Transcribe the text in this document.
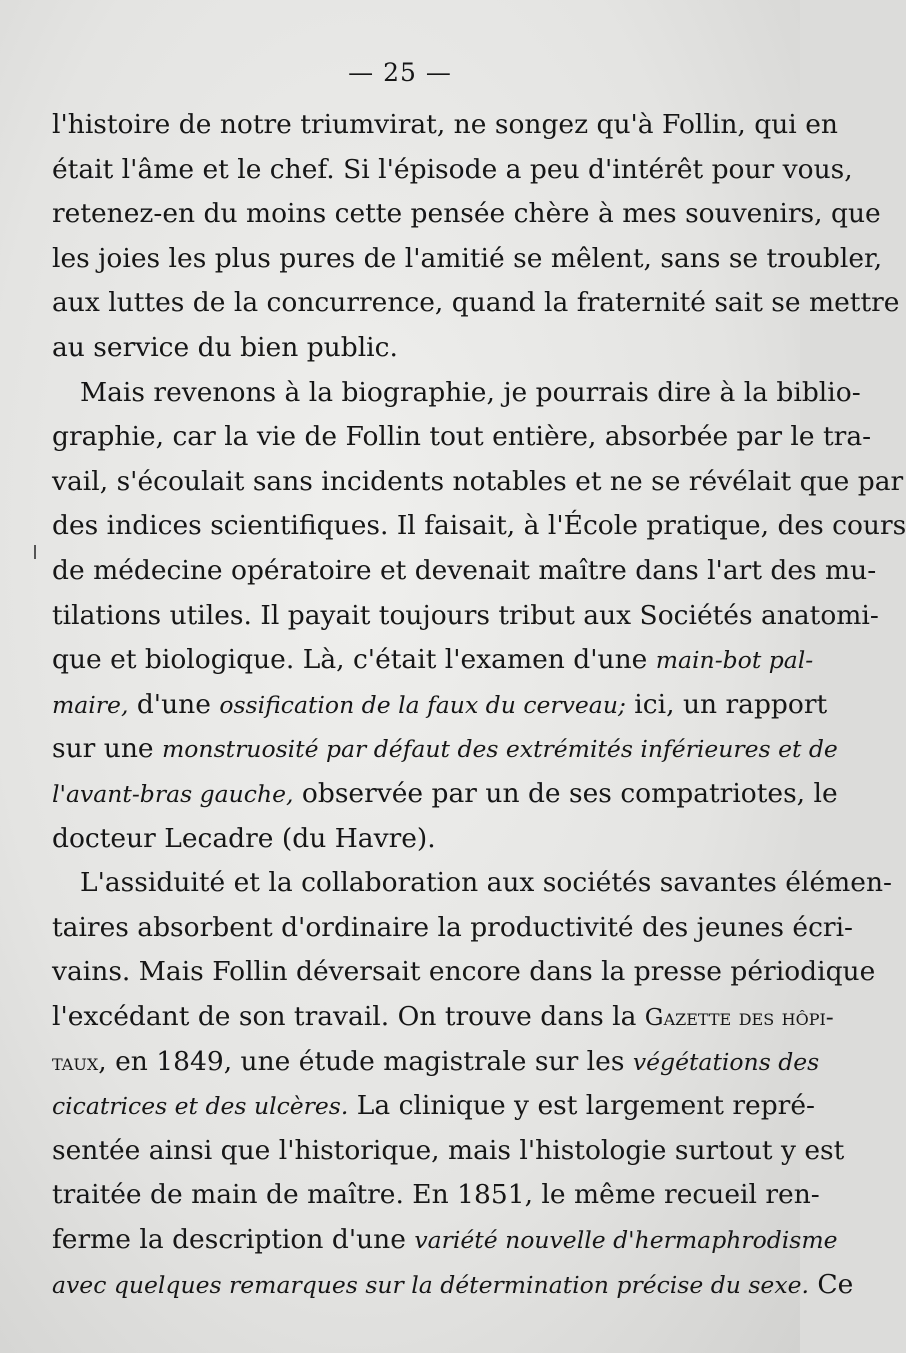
— 25 —
l'histoire de notre triumvirat, ne songez qu'à Follin, qui en
était l'âme et le chef. Si l'épisode a peu d'intérêt pour vous,
retenez-en du moins cette pensée chère à mes souvenirs, que
les joies les plus pures de l'amitié se mêlent, sans se troubler,
aux luttes de la concurrence, quand la fraternité sait se mettre
au service du bien public.
Mais revenons à la biographie, je pourrais dire à la biblio-
graphie, car la vie de Follin tout entière, absorbée par le tra-
vail, s'écoulait sans incidents notables et ne se révélait que par
des indices scientifiques. Il faisait, à l'École pratique, des cours
de médecine opératoire et devenait maître dans l'art des mu-
tilations utiles. Il payait toujours tribut aux Sociétés anatomi-
que et biologique. Là, c'était l'examen d'une main-bot pal-
maire, d'une ossification de la faux du cerveau; ici, un rapport
sur une monstruosité par défaut des extrémités inférieures et de
l'avant-bras gauche, observée par un de ses compatriotes, le
docteur Lecadre (du Havre).
L'assiduité et la collaboration aux sociétés savantes élémen-
taires absorbent d'ordinaire la productivité des jeunes écri-
vains. Mais Follin déversait encore dans la presse périodique
l'excédant de son travail. On trouve dans la Gazette des hôpi-
taux, en 1849, une étude magistrale sur les végétations des
cicatrices et des ulcères. La clinique y est largement repré-
sentée ainsi que l'historique, mais l'histologie surtout y est
traitée de main de maître. En 1851, le même recueil ren-
ferme la description d'une variété nouvelle d'hermaphrodisme
avec quelques remarques sur la détermination précise du sexe. Ce
